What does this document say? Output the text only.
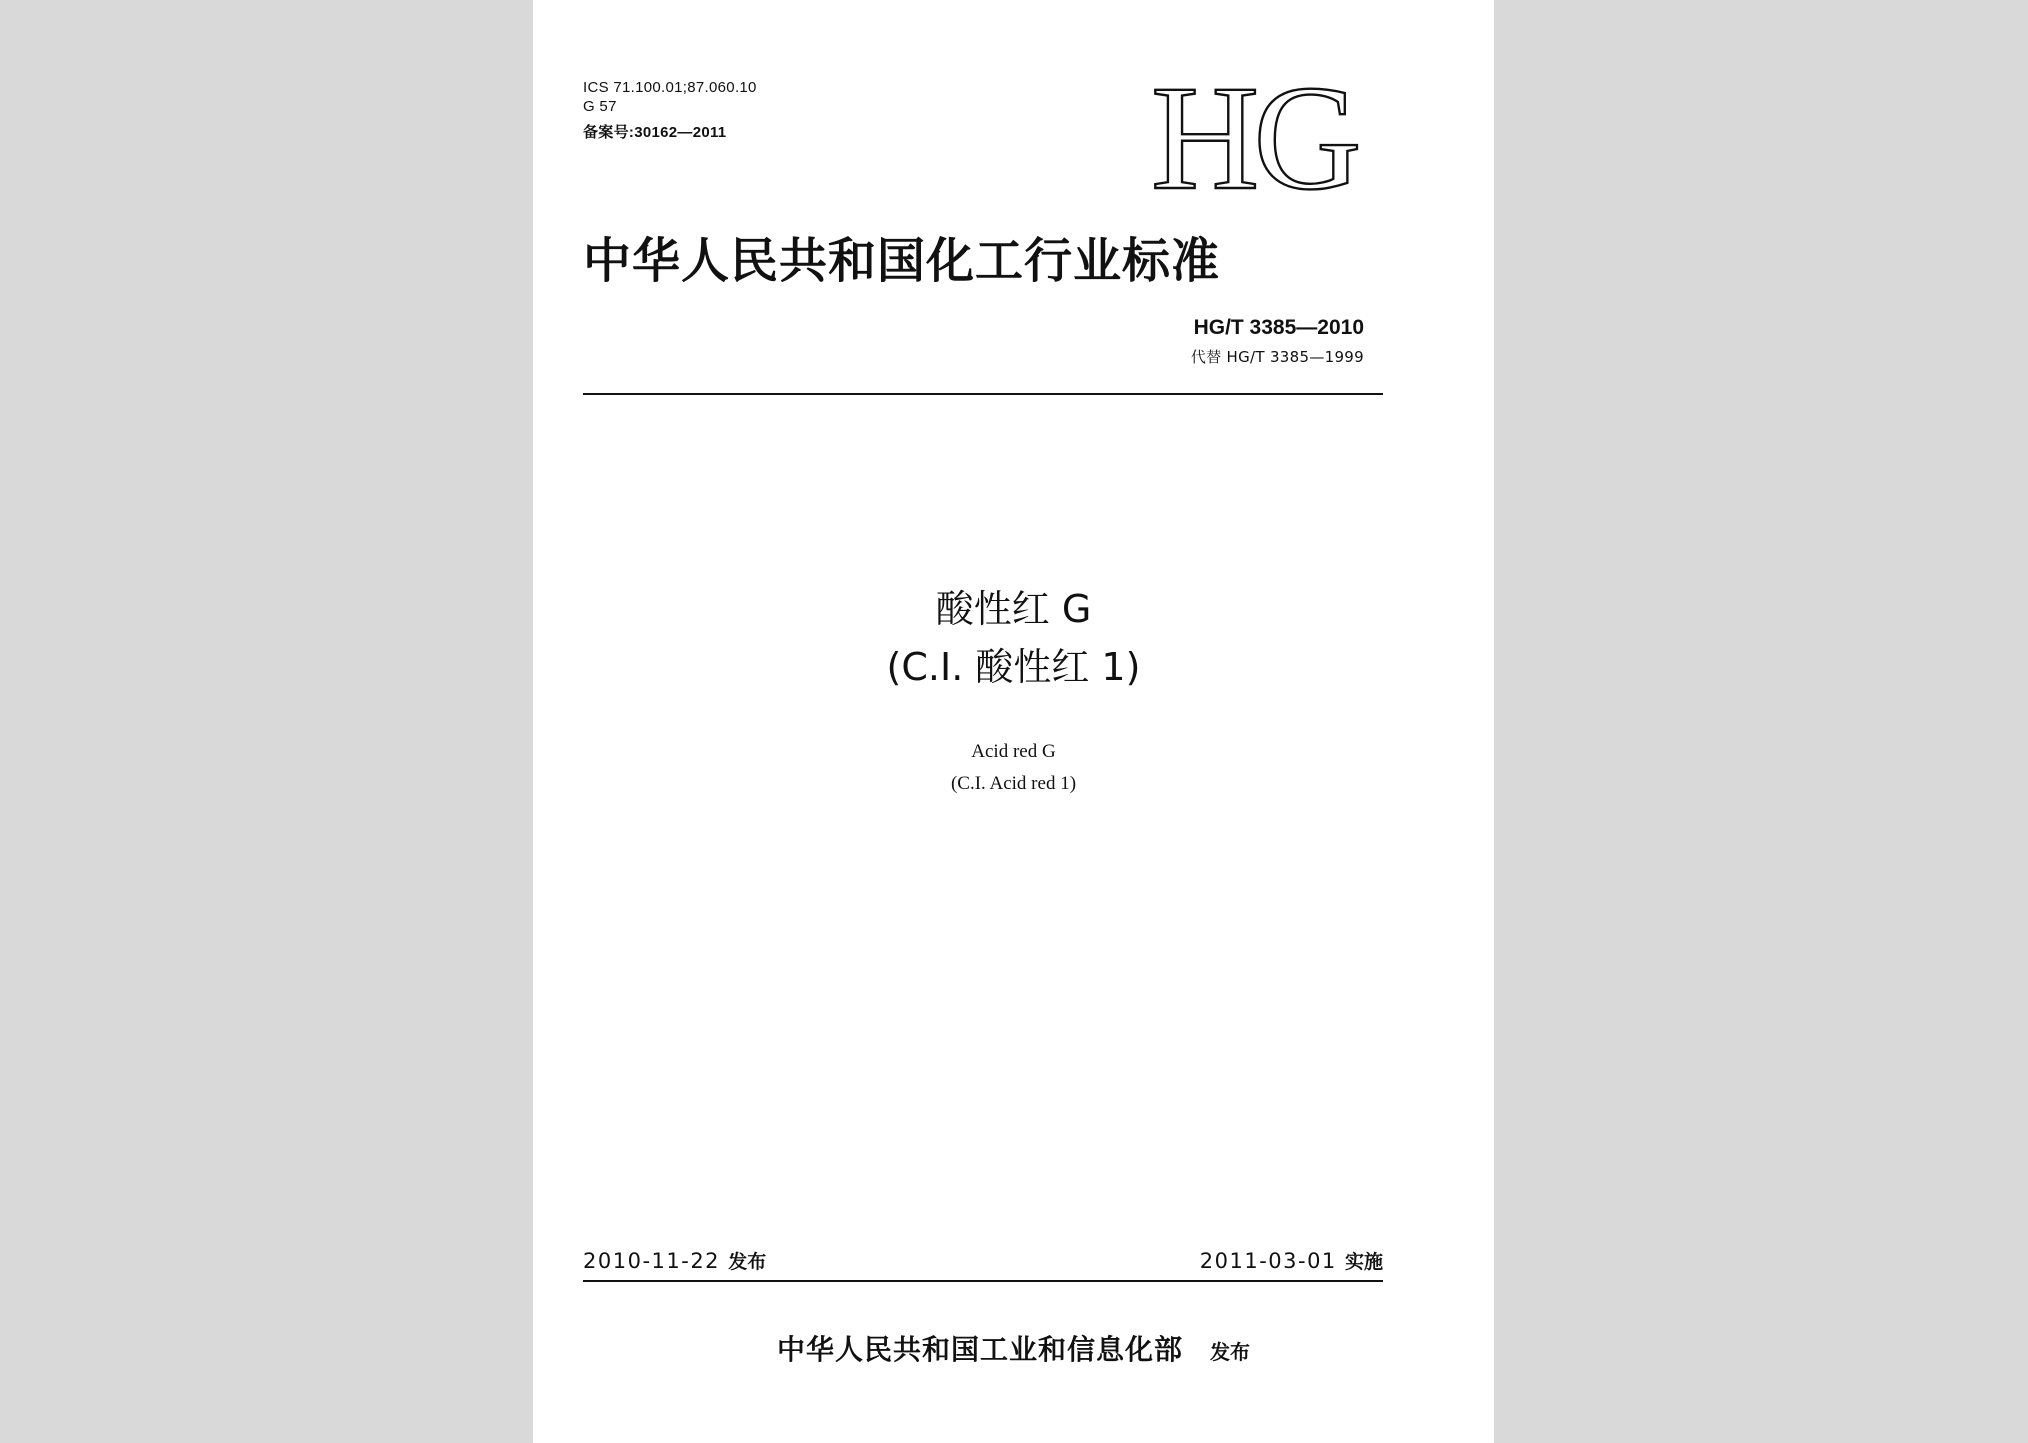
ICS 71.100.01;87.060.10
G 57
备案号:30162—2011	HG
中华人民共和国化工行业标准
HG/T 3385—2010
代替 HG/T 3385—1999
酸性红 G
(C.I. 酸性红 1)
Acid red G
(C.I. Acid red 1)
2010-11-22 发布	2011-03-01 实施
中华人民共和国工业和信息化部 发布
